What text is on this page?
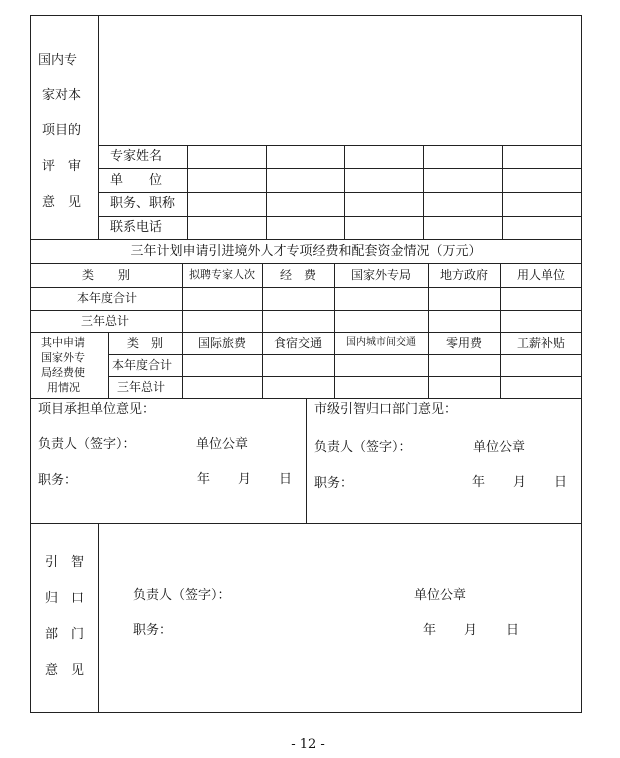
国内专
家对本
项目的
评　审
意　见
专家姓名
单　　位
职务、职称
联系电话
三年计划申请引进境外人才专项经费和配套资金情况（万元）
类　　别	拟聘专家人次 经　费	国家外专局 地方政府 用人单位
本年度合计
三年总计
其中申请
国家外专
局经费使
用情况
类　别	国际旅费 食宿交通 国内城市间交通 零用费	工薪补贴
本年度合计
三年总计
项目承担单位意见：
负责人（签字）：	单位公章
职务：	年 月 日
市级引智归口部门意见：
负责人（签字）：	单位公章
职务：	年 月 日
引　智
归　口
部　门
意　见
负责人（签字）：	单位公章
职务：	年 月 日
- 12 -
